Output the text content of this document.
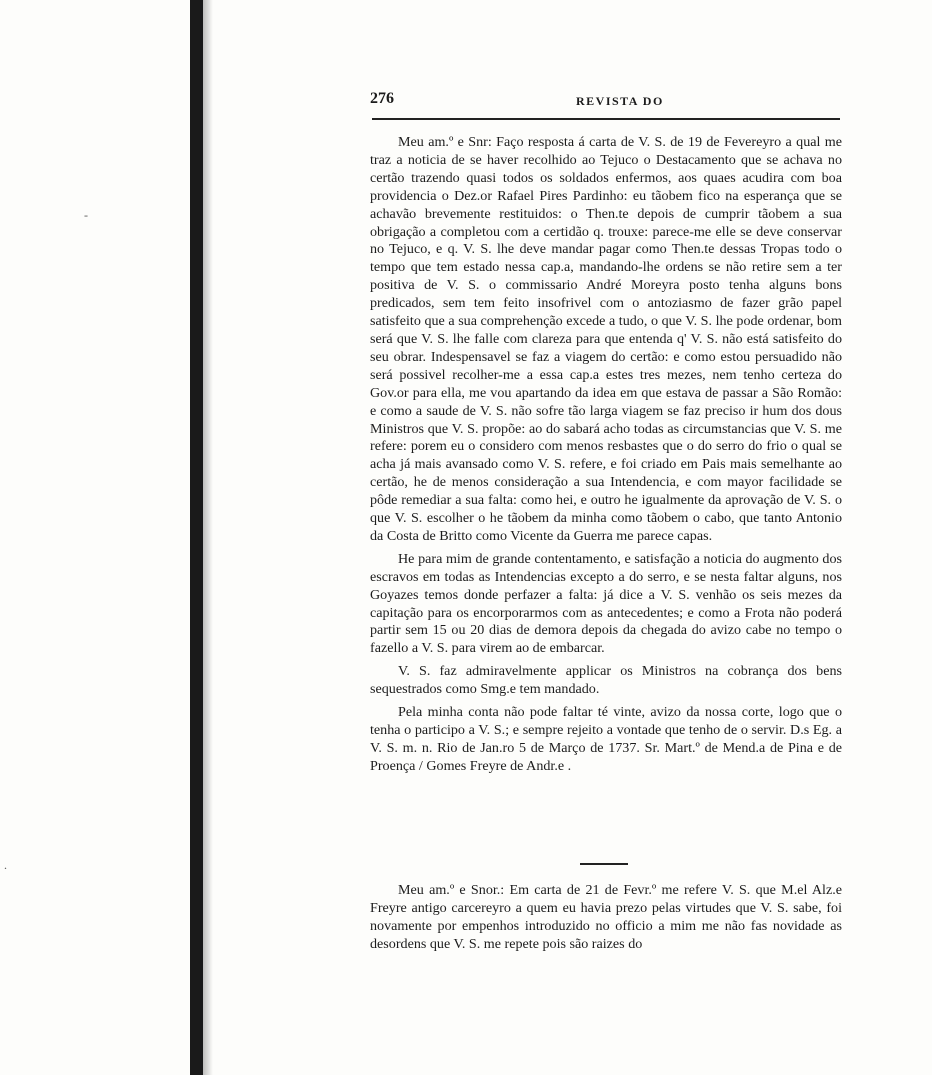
-
.
276	REVISTA DO

Meu am.º e Snr: Faço resposta á carta de V. S. de 19 de Fevereyro a qual me traz a noticia de se haver recolhido ao Tejuco o Destacamento que se achava no certão trazendo quasi todos os soldados enfermos, aos quaes acudira com boa providencia o Dez.or Rafael Pires Pardinho: eu tãobem fico na esperança que se achavão brevemente restituidos: o Then.te depois de cumprir tãobem a sua obrigação a completou com a certidão q. trouxe: parece-me elle se deve conservar no Tejuco, e q. V. S. lhe deve mandar pagar como Then.te dessas Tropas todo o tempo que tem estado nessa cap.a, mandando-lhe ordens se não retire sem a ter positiva de V. S. o commissario André Moreyra posto tenha alguns bons predicados, sem tem feito insofrivel com o antoziasmo de fazer grão papel satisfeito que a sua comprehenção excede a tudo, o que V. S. lhe pode ordenar, bom será que V. S. lhe falle com clareza para que entenda q' V. S. não está satisfeito do seu obrar. Indespensavel se faz a viagem do certão: e como estou persuadido não será possivel recolher-me a essa cap.a estes tres mezes, nem tenho certeza do Gov.or para ella, me vou apartando da idea em que estava de passar a São Romão: e como a saude de V. S. não sofre tão larga viagem se faz preciso ir hum dos dous Ministros que V. S. propõe: ao do sabará acho todas as circumstancias que V. S. me refere: porem eu o considero com menos resbastes que o do serro do frio o qual se acha já mais avansado como V. S. refere, e foi criado em Pais mais semelhante ao certão, he de menos consideração a sua Intendencia, e com mayor facilidade se pôde remediar a sua falta: como hei, e outro he igualmente da aprovação de V. S. o que V. S. escolher o he tãobem da minha como tãobem o cabo, que tanto Antonio da Costa de Britto como Vicente da Guerra me parece capas.

He para mim de grande contentamento, e satisfação a noticia do augmento dos escravos em todas as Intendencias excepto a do serro, e se nesta faltar alguns, nos Goyazes temos donde perfazer a falta: já dice a V. S. venhão os seis mezes da capitação para os encorporarmos com as antecedentes; e como a Frota não poderá partir sem 15 ou 20 dias de demora depois da chegada do avizo cabe no tempo o fazello a V. S. para virem ao de embarcar.

V. S. faz admiravelmente applicar os Ministros na cobrança dos bens sequestrados como Smg.e tem mandado.

Pela minha conta não pode faltar té vinte, avizo da nossa corte, logo que o tenha o participo a V. S.; e sempre rejeito a vontade que tenho de o servir. D.s Eg. a V. S. m. n. Rio de Jan.ro 5 de Março de 1737. Sr. Mart.º de Mend.a de Pina e de Proença / Gomes Freyre de Andr.e .

Meu am.º e Snor.: Em carta de 21 de Fevr.º me refere V. S. que M.el Alz.e Freyre antigo carcereyro a quem eu havia prezo pelas virtudes que V. S. sabe, foi novamente por empenhos introduzido no officio a mim me não fas novidade as desordens que V. S. me repete pois são raizes do
